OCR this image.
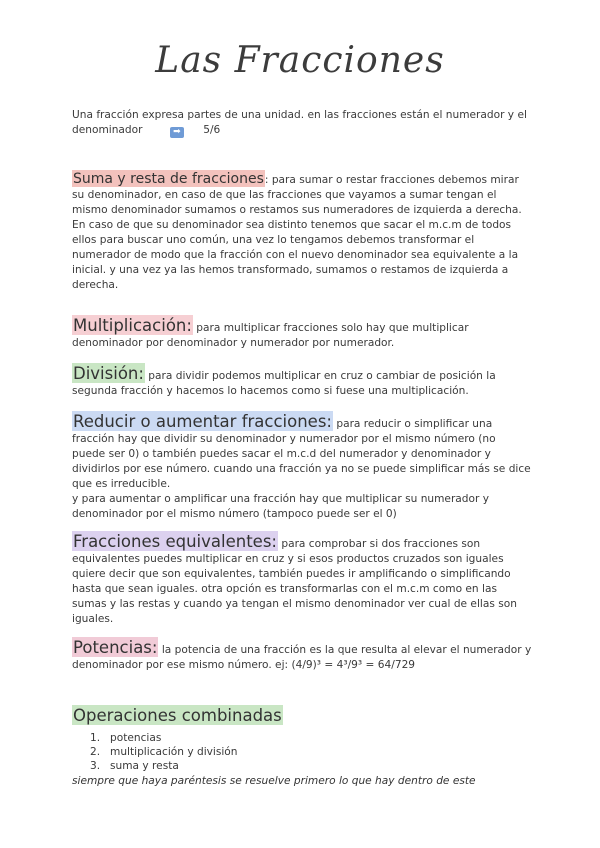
Las Fracciones
Una fracción expresa partes de una unidad. en las fracciones están el numerador y el denominador	➡ 5/6
Suma y resta de fracciones: para sumar o restar fracciones debemos mirar su denominador, en caso de que las fracciones que vayamos a sumar tengan el mismo denominador sumamos o restamos sus numeradores de izquierda a derecha.
En caso de que su denominador sea distinto tenemos que sacar el m.c.m de todos ellos para buscar uno común, una vez lo tengamos debemos transformar el numerador de modo que la fracción con el nuevo denominador sea equivalente a la inicial. y una vez ya las hemos transformado, sumamos o restamos de izquierda a derecha.
Multiplicación: para multiplicar fracciones solo hay que multiplicar denominador por denominador y numerador por numerador.
División: para dividir podemos multiplicar en cruz o cambiar de posición la segunda fracción y hacemos lo hacemos como si fuese una multiplicación.
Reducir o aumentar fracciones: para reducir o simplificar una fracción hay que dividir su denominador y numerador por el mismo número (no puede ser 0) o también puedes sacar el m.c.d del numerador y denominador y dividirlos por ese número. cuando una fracción ya no se puede simplificar más se dice que es irreducible.
y para aumentar o amplificar una fracción hay que multiplicar su numerador y denominador por el mismo número (tampoco puede ser el 0)
Fracciones equivalentes: para comprobar si dos fracciones son equivalentes puedes multiplicar en cruz y si esos productos cruzados son iguales quiere decir que son equivalentes, también puedes ir amplificando o simplificando hasta que sean iguales. otra opción es transformarlas con el m.c.m como en las sumas y las restas y cuando ya tengan el mismo denominador ver cual de ellas son iguales.
Potencias: la potencia de una fracción es la que resulta al elevar el numerador y denominador por ese mismo número. ej: (4/9)³ = 4³/9³ = 64/729
Operaciones combinadas
1. potencias
2. multiplicación y división
3. suma y resta
siempre que haya paréntesis se resuelve primero lo que hay dentro de este
